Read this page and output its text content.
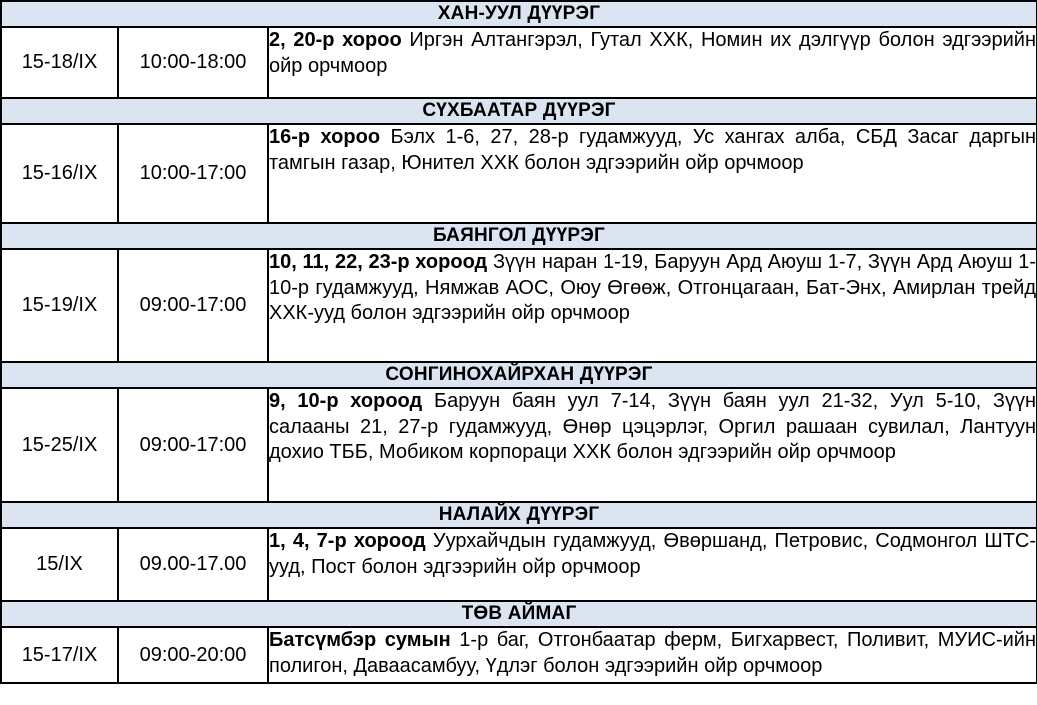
ХАН-УУЛ ДҮҮРЭГ		
15-18/IX	10:00-18:00	2, 20-р хороо Иргэн Алтангэрэл, Гутал ХХК, Номин их дэлгүүр болон эдгээрийн ойр орчмоор
СҮХБААТАР ДҮҮРЭГ		
15-16/IX	10:00-17:00	16-р хороо Бэлх 1-6, 27, 28-р гудамжууд, Ус хангах алба, СБД Засаг даргын тамгын газар, Юнител ХХК болон эдгээрийн ойр орчмоор
БАЯНГОЛ ДҮҮРЭГ		
15-19/IX	09:00-17:00	10, 11, 22, 23-р хороод Зүүн наран 1-19, Баруун Ард Аюуш 1-7, Зүүн Ард Аюуш 1-10-р гудамжууд, Нямжав АОС, Оюу Өгөөж, Отгонцагаан, Бат-Энх, Амирлан трейд ХХК-ууд болон эдгээрийн ойр орчмоор
СОНГИНОХАЙРХАН ДҮҮРЭГ		
15-25/IX	09:00-17:00	9, 10-р хороод Баруун баян уул 7-14, Зүүн баян уул 21-32, Уул 5-10, Зүүн салааны 21, 27-р гудамжууд, Өнөр цэцэрлэг, Оргил рашаан сувилал, Лантуун дохио ТББ, Мобиком корпораци ХХК болон эдгээрийн ойр орчмоор
НАЛАЙХ ДҮҮРЭГ		
15/IX	09.00-17.00	1, 4, 7-р хороод Уурхайчдын гудамжууд, Өвөршанд, Петровис, Содмонгол ШТС-ууд, Пост болон эдгээрийн ойр орчмоор
ТӨВ АЙМАГ		
15-17/IX	09:00-20:00	Батсүмбэр сумын 1-р баг, Отгонбаатар ферм, Бигхарвест, Поливит, МУИС-ийн полигон, Даваасамбуу, Үдлэг болон эдгээрийн ойр орчмоор
